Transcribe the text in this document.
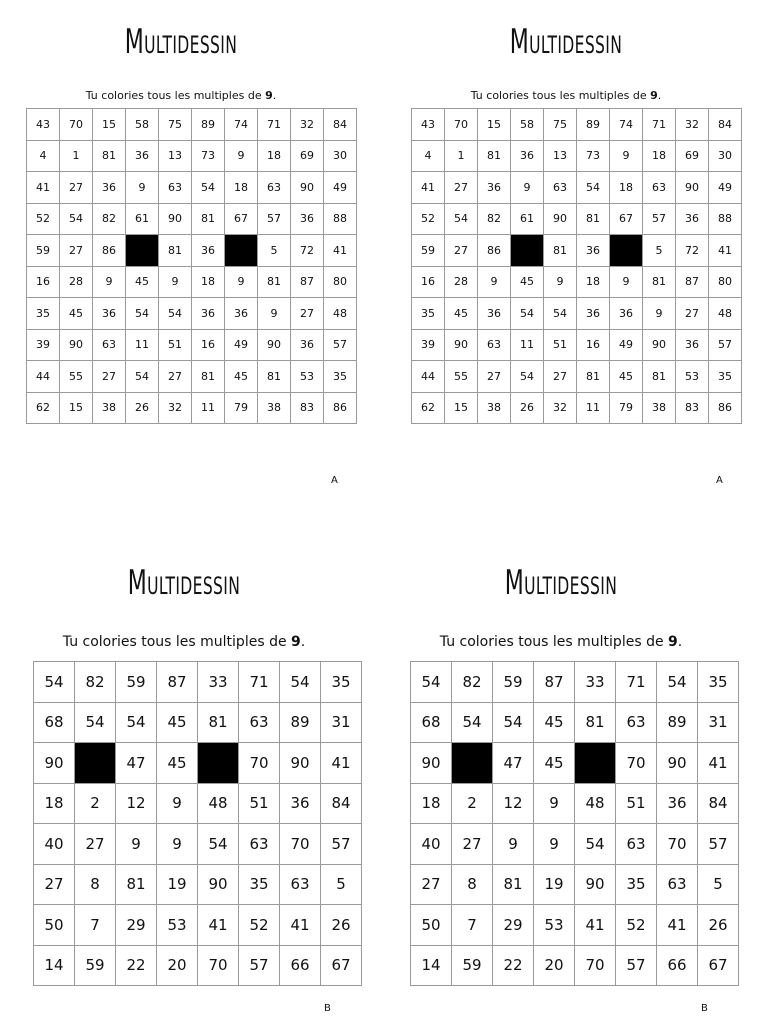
Multidessin
Tu colories tous les multiples de 9.
43	70	15	58	75	89	74	71	32	84
4	1	81	36	13	73	9	18	69	30
41	27	36	9	63	54	18	63	90	49
52	54	82	61	90	81	67	57	36	88
59	27	86		81	36		5	72	41
16	28	9	45	9	18	9	81	87	80
35	45	36	54	54	36	36	9	27	48
39	90	63	11	51	16	49	90	36	57
44	55	27	54	27	81	45	81	53	35
62	15	38	26	32	11	79	38	83	86
A
Multidessin
Tu colories tous les multiples de 9.
43	70	15	58	75	89	74	71	32	84
4	1	81	36	13	73	9	18	69	30
41	27	36	9	63	54	18	63	90	49
52	54	82	61	90	81	67	57	36	88
59	27	86		81	36		5	72	41
16	28	9	45	9	18	9	81	87	80
35	45	36	54	54	36	36	9	27	48
39	90	63	11	51	16	49	90	36	57
44	55	27	54	27	81	45	81	53	35
62	15	38	26	32	11	79	38	83	86
A
Multidessin
Tu colories tous les multiples de 9.
54	82	59	87	33	71	54	35
68	54	54	45	81	63	89	31
90		47	45		70	90	41
18	2	12	9	48	51	36	84
40	27	9	9	54	63	70	57
27	8	81	19	90	35	63	5
50	7	29	53	41	52	41	26
14	59	22	20	70	57	66	67
B
Multidessin
Tu colories tous les multiples de 9.
54	82	59	87	33	71	54	35
68	54	54	45	81	63	89	31
90		47	45		70	90	41
18	2	12	9	48	51	36	84
40	27	9	9	54	63	70	57
27	8	81	19	90	35	63	5
50	7	29	53	41	52	41	26
14	59	22	20	70	57	66	67
B
